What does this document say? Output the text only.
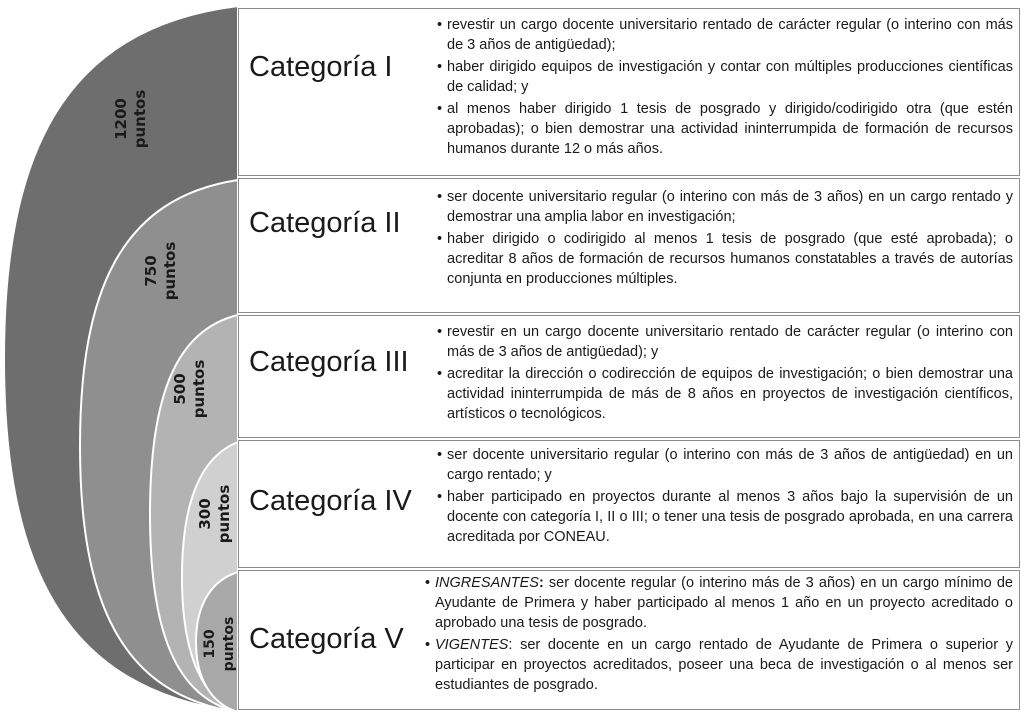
1200 puntos
750 puntos
500 puntos
300 puntos
150 puntos
Categoría I
• revestir un cargo docente universitario rentado de carácter regular (o interino con más de 3 años de antigüedad);
• haber dirigido equipos de investigación y contar con múltiples producciones científicas de calidad; y
• al menos haber dirigido 1 tesis de posgrado y dirigido/codirigido otra (que estén aprobadas); o bien demostrar una actividad ininterrumpida de formación de recursos humanos durante 12 o más años.
Categoría II
• ser docente universitario regular (o interino con más de 3 años) en un cargo rentado y demostrar una amplia labor en investigación;
• haber dirigido o codirigido al menos 1 tesis de posgrado (que esté aprobada); o acreditar 8 años de formación de recursos humanos constatables a través de autorías conjunta en producciones múltiples.
Categoría III
• revestir en un cargo docente universitario rentado de carácter regular (o interino con más de 3 años de antigüedad); y
• acreditar la dirección o codirección de equipos de investigación; o bien demostrar una actividad ininterrumpida de más de 8 años en proyectos de investigación científicos, artísticos o tecnológicos.
Categoría IV
• ser docente universitario regular (o interino con más de 3 años de antigüedad) en un cargo rentado; y
• haber participado en proyectos durante al menos 3 años bajo la supervisión de un docente con categoría I, II o III; o tener una tesis de posgrado aprobada, en una carrera acreditada por CONEAU.
Categoría V
• INGRESANTES: ser docente regular (o interino más de 3 años) en un cargo mínimo de Ayudante de Primera y haber participado al menos 1 año en un proyecto acreditado o aprobado una tesis de posgrado.
• VIGENTES: ser docente en un cargo rentado de Ayudante de Primera o superior y participar en proyectos acreditados, poseer una beca de investigación o al menos ser estudiantes de posgrado.
